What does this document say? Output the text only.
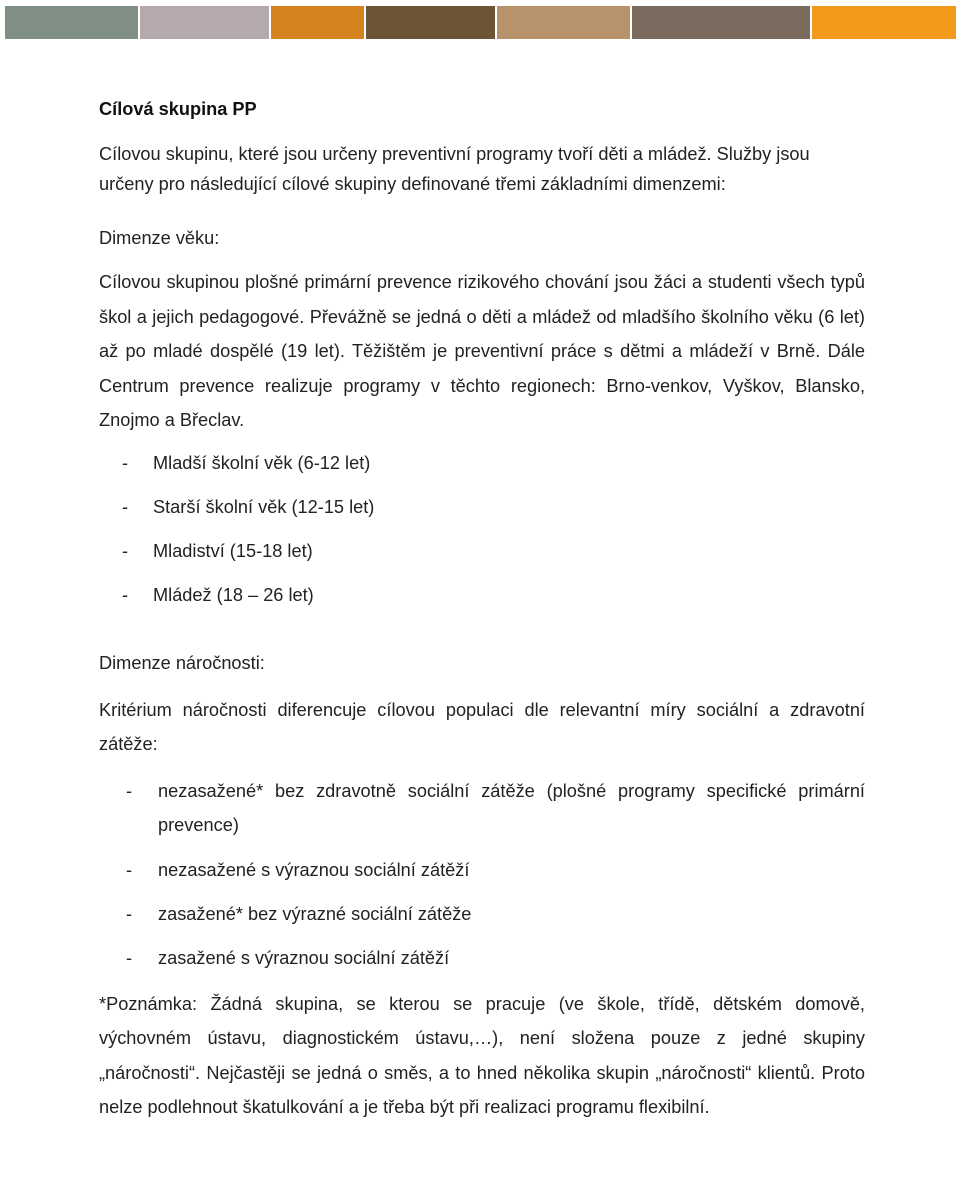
Cílová skupina PP

Cílovou skupinu, které jsou určeny preventivní programy tvoří děti a mládež. Služby jsou určeny pro následující cílové skupiny definované třemi základními dimenzemi:

Dimenze věku:

Cílovou skupinou plošné primární prevence rizikového chování jsou žáci a studenti všech typů škol a jejich pedagogové. Převážně se jedná o děti a mládež od mladšího školního věku (6 let) až po mladé dospělé (19 let). Těžištěm je preventivní práce s dětmi a mládeží v Brně. Dále Centrum prevence realizuje programy v těchto regionech: Brno-venkov, Vyškov, Blansko, Znojmo a Břeclav.

- Mladší školní věk (6-12 let)
- Starší školní věk (12-15 let)
- Mladiství (15-18 let)
- Mládež (18 – 26 let)

Dimenze náročnosti:

Kritérium náročnosti diferencuje cílovou populaci dle relevantní míry sociální a zdravotní zátěže:

- nezasažené* bez zdravotně sociální zátěže (plošné programy specifické primární prevence)
- nezasažené s výraznou sociální zátěží
- zasažené* bez výrazné sociální zátěže
- zasažené s výraznou sociální zátěží

*Poznámka: Žádná skupina, se kterou se pracuje (ve škole, třídě, dětském domově, výchovném ústavu, diagnostickém ústavu,…), není složena pouze z jedné skupiny „náročnosti“. Nejčastěji se jedná o směs, a to hned několika skupin „náročnosti“ klientů. Proto nelze podlehnout škatulkování a je třeba být při realizaci programu flexibilní.
